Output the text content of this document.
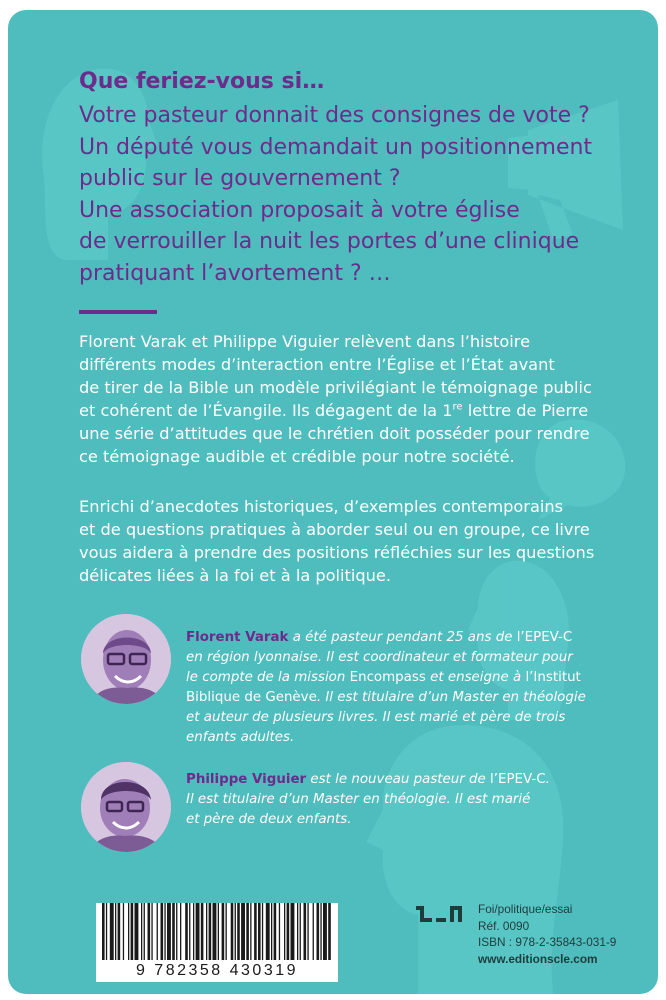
Que feriez-vous si…
Votre pasteur donnait des consignes de vote ?
Un député vous demandait un positionnement
public sur le gouvernement ?
Une association proposait à votre église
de verrouiller la nuit les portes d’une clinique
pratiquant l’avortement ? …
Florent Varak et Philippe Viguier relèvent dans l’histoire
différents modes d’interaction entre l’Église et l’État avant
de tirer de la Bible un modèle privilégiant le témoignage public
et cohérent de l’Évangile. Ils dégagent de la 1re lettre de Pierre
une série d’attitudes que le chrétien doit posséder pour rendre
ce témoignage audible et crédible pour notre société.
Enrichi d’anecdotes historiques, d’exemples contemporains
et de questions pratiques à aborder seul ou en groupe, ce livre
vous aidera à prendre des positions réfléchies sur les questions
délicates liées à la foi et à la politique.
Florent Varak a été pasteur pendant 25 ans de l’EPEV-C
en région lyonnaise. Il est coordinateur et formateur pour
le compte de la mission Encompass et enseigne à l’Institut
Biblique de Genève. Il est titulaire d’un Master en théologie
et auteur de plusieurs livres. Il est marié et père de trois
enfants adultes.
Philippe Viguier est le nouveau pasteur de l’EPEV-C.
Il est titulaire d’un Master en théologie. Il est marié
et père de deux enfants.
9 782358 430319
Foi/politique/essai
Réf. 0090
ISBN : 978-2-35843-031-9
www.editionscle.com
